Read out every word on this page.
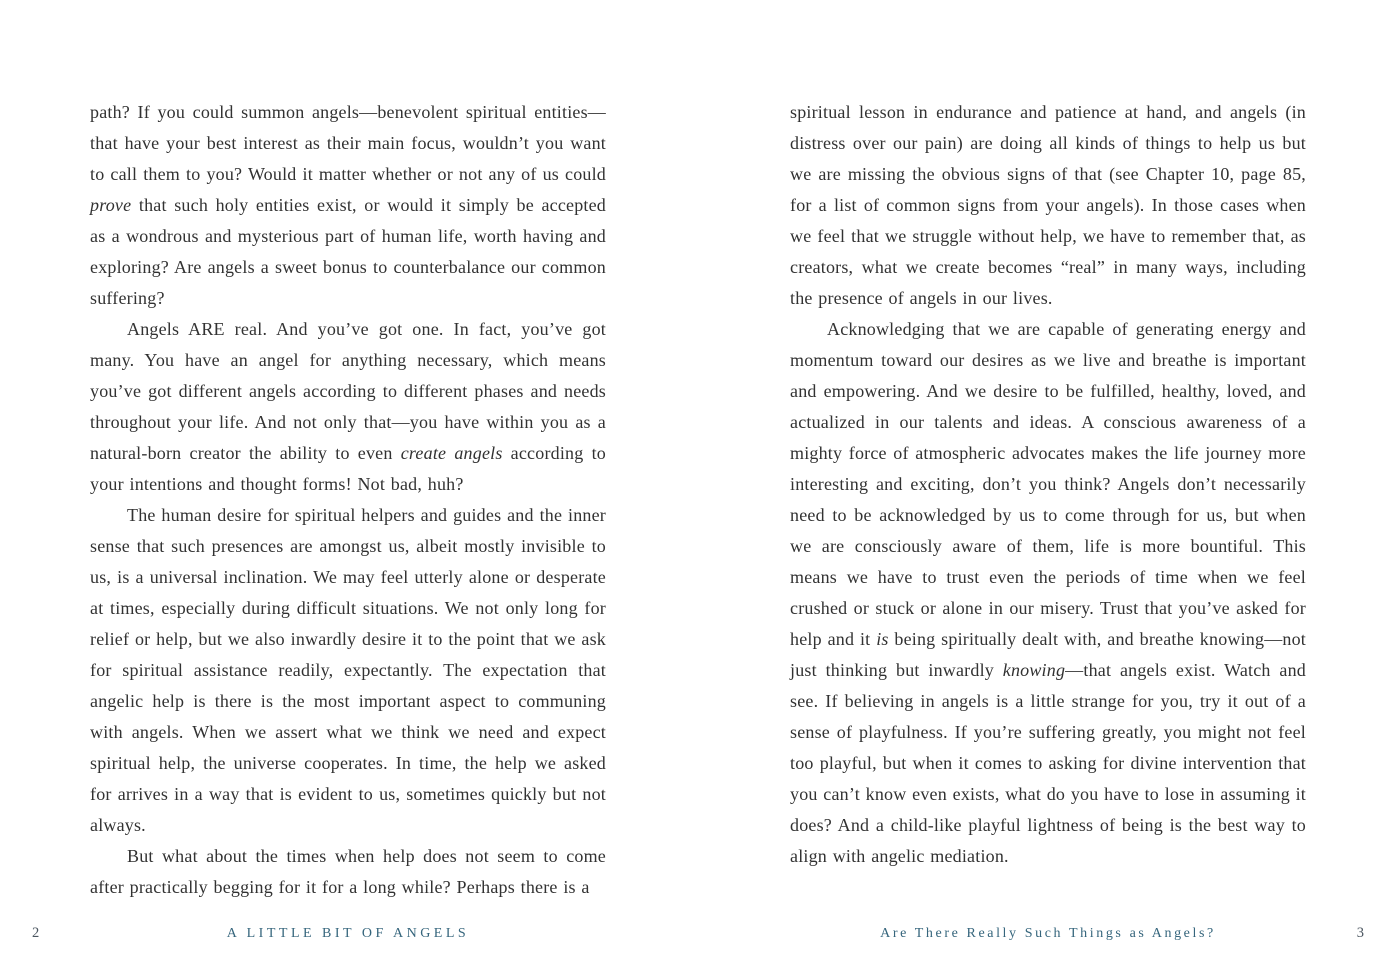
path? If you could summon angels—benevolent spiritual entities—that have your best interest as their main focus, wouldn’t you want to call them to you? Would it matter whether or not any of us could prove that such holy entities exist, or would it simply be accepted as a wondrous and mysterious part of human life, worth having and exploring? Are angels a sweet bonus to counterbalance our common suffering?

Angels ARE real. And you’ve got one. In fact, you’ve got many. You have an angel for anything necessary, which means you’ve got different angels according to different phases and needs throughout your life. And not only that—you have within you as a natural-born creator the ability to even create angels according to your intentions and thought forms! Not bad, huh?

The human desire for spiritual helpers and guides and the inner sense that such presences are amongst us, albeit mostly invisible to us, is a universal inclination. We may feel utterly alone or desperate at times, especially during difficult situations. We not only long for relief or help, but we also inwardly desire it to the point that we ask for spiritual assistance readily, expectantly. The expectation that angelic help is there is the most important aspect to communing with angels. When we assert what we think we need and expect spiritual help, the universe cooperates. In time, the help we asked for arrives in a way that is evident to us, sometimes quickly but not always.

But what about the times when help does not seem to come after practically begging for it for a long while? Perhaps there is a

spiritual lesson in endurance and patience at hand, and angels (in distress over our pain) are doing all kinds of things to help us but we are missing the obvious signs of that (see Chapter 10, page 85, for a list of common signs from your angels). In those cases when we feel that we struggle without help, we have to remember that, as creators, what we create becomes “real” in many ways, including the presence of angels in our lives.

Acknowledging that we are capable of generating energy and momentum toward our desires as we live and breathe is important and empowering. And we desire to be fulfilled, healthy, loved, and actualized in our talents and ideas. A conscious awareness of a mighty force of atmospheric advocates makes the life journey more interesting and exciting, don’t you think? Angels don’t necessarily need to be acknowledged by us to come through for us, but when we are consciously aware of them, life is more bountiful. This means we have to trust even the periods of time when we feel crushed or stuck or alone in our misery. Trust that you’ve asked for help and it is being spiritually dealt with, and breathe knowing—not just thinking but inwardly knowing—that angels exist. Watch and see. If believing in angels is a little strange for you, try it out of a sense of playfulness. If you’re suffering greatly, you might not feel too playful, but when it comes to asking for divine intervention that you can’t know even exists, what do you have to lose in assuming it does? And a child-like playful lightness of being is the best way to align with angelic mediation.

2	A LITTLE BIT OF ANGELS	Are There Really Such Things as Angels?	3
